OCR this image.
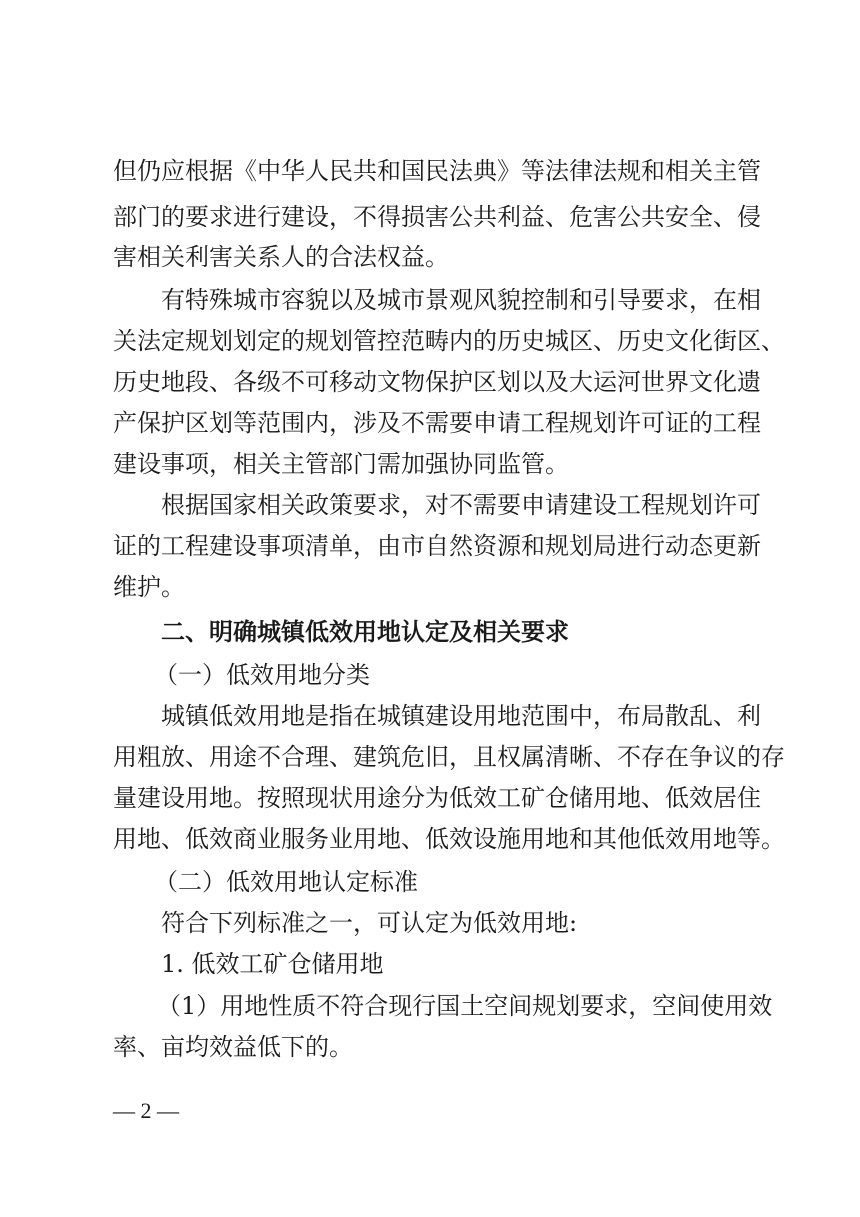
但仍应根据《中华人民共和国民法典》等法律法规和相关主管
部门的要求进行建设，不得损害公共利益、危害公共安全、侵
害相关利害关系人的合法权益。
有特殊城市容貌以及城市景观风貌控制和引导要求，在相
关法定规划划定的规划管控范畴内的历史城区、历史文化街区、
历史地段、各级不可移动文物保护区划以及大运河世界文化遗
产保护区划等范围内，涉及不需要申请工程规划许可证的工程
建设事项，相关主管部门需加强协同监管。
根据国家相关政策要求，对不需要申请建设工程规划许可
证的工程建设事项清单，由市自然资源和规划局进行动态更新
维护。
二、明确城镇低效用地认定及相关要求
（一）低效用地分类
城镇低效用地是指在城镇建设用地范围中，布局散乱、利
用粗放、用途不合理、建筑危旧，且权属清晰、不存在争议的存
量建设用地。按照现状用途分为低效工矿仓储用地、低效居住
用地、低效商业服务业用地、低效设施用地和其他低效用地等。
（二）低效用地认定标准
符合下列标准之一，可认定为低效用地:
1. 低效工矿仓储用地
（1）用地性质不符合现行国土空间规划要求，空间使用效
率、亩均效益低下的。
— 2 —
